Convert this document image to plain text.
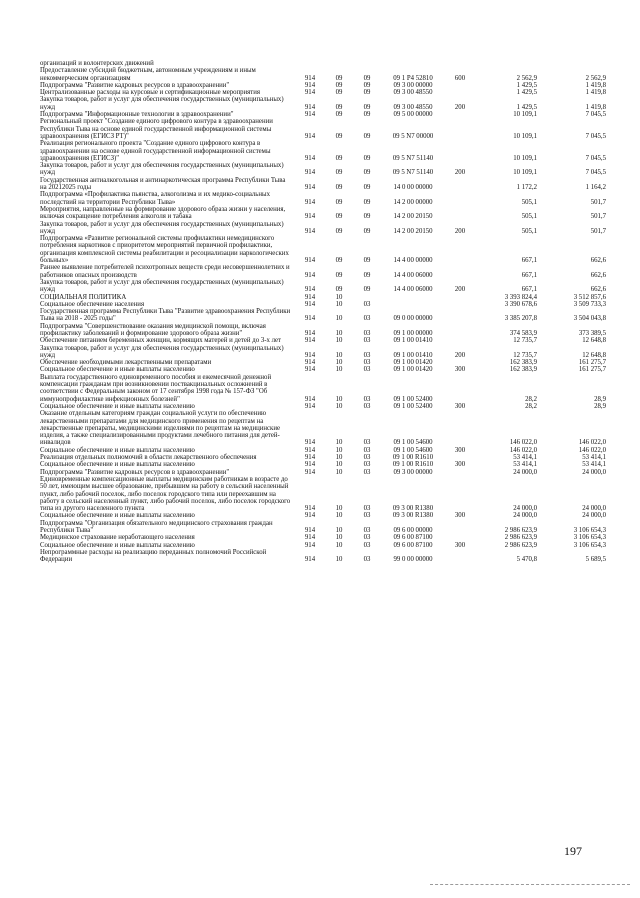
организаций и волонтерских движений							
Предоставление субсидий бюджетным, автономным учреждениям и иным некоммерческим организациям	914	09	09	09 1 Р4 52810	600	2 562,9	2 562,9
Подпрограмма "Развитие кадровых ресурсов в здравоохранении"	914	09	09	09 3 00 00000		1 429,5	1 419,8
Централизованные расходы на курсовые и сертификационные мероприятия	914	09	09	09 3 00 48550		1 429,5	1 419,8
Закупка товаров, работ и услуг для обеспечения государственных (муниципальных) нужд	914	09	09	09 3 00 48550	200	1 429,5	1 419,8
Подпрограмма "Информационные технологии в здравоохранении"	914	09	09	09 5 00 00000		10 109,1	7 045,5
Региональный проект "Создание единого цифрового контура в здравоохранении Республики Тыва на основе единой государственной информационной системы здравоохранения (ЕГИСЗ РТ)"	914	09	09	09 5 N7 00000		10 109,1	7 045,5
Реализация регионального проекта "Создание единого цифрового контура в здравоохранении на основе единой государственной информационной системы здравоохранения (ЕГИСЗ)"	914	09	09	09 5 N7 51140		10 109,1	7 045,5
Закупка товаров, работ и услуг для обеспечения государственных (муниципальных) нужд	914	09	09	09 5 N7 51140	200	10 109,1	7 045,5
Государственная антиалкогольная и антинаркотическая программа Республики Тыва на 20212025 годы	914	09	09	14 0 00 00000		1 172,2	1 164,2
Подпрограмма «Профилактика пьянства, алкоголизма и их медико-социальных последствий на территории Республики Тыва»	914	09	09	14 2 00 00000		505,1	501,7
Мероприятия, направленные на формирование здорового образа жизни у населения, включая сокращение потребления алкоголя и табака	914	09	09	14 2 00 20150		505,1	501,7
Закупка товаров, работ и услуг для обеспечения государственных (муниципальных) нужд	914	09	09	14 2 00 20150	200	505,1	501,7
Подпрограмма «Развитие региональной системы профилактики немедицинского потребления наркотиков с приоритетом мероприятий первичной профилактики, организация комплексной системы реабилитации и ресоциализации наркологических больных»	914	09	09	14 4 00 00000		667,1	662,6
Раннее выявление потребителей психотропных веществ среди несовершеннолетних и работников опасных производств	914	09	09	14 4 00 06000		667,1	662,6
Закупка товаров, работ и услуг для обеспечения государственных (муниципальных) нужд	914	09	09	14 4 00 06000	200	667,1	662,6
СОЦИАЛЬНАЯ ПОЛИТИКА	914	10				3 393 824,4	3 512 857,6
Социальное обеспечение населения	914	10	03			3 390 678,6	3 509 733,3
Государственная программа Республики Тыва "Развитие здравоохранения Республики Тыва на 2018 - 2025 годы"	914	10	03	09 0 00 00000		3 385 207,8	3 504 043,8
Подпрограмма "Совершенствование оказания медицинской помощи, включая профилактику заболеваний и формирование здорового образа жизни"	914	10	03	09 1 00 00000		374 583,9	373 389,5
Обеспечение питанием беременных женщин, кормящих матерей и детей до 3-х лет	914	10	03	09 1 00 01410		12 735,7	12 648,8
Закупка товаров, работ и услуг для обеспечения государственных (муниципальных) нужд	914	10	03	09 1 00 01410	200	12 735,7	12 648,8
Обеспечение необходимыми лекарственными препаратами	914	10	03	09 1 00 01420		162 383,9	161 275,7
Социальное обеспечение и иные выплаты населению	914	10	03	09 1 00 01420	300	162 383,9	161 275,7
Выплата государственного единовременного пособия и ежемесячной денежной компенсации гражданам при возникновении поствакцинальных осложнений в соответствии с Федеральным законом от 17 сентября 1998 года № 157-ФЗ "Об иммунопрофилактике инфекционных болезней"	914	10	03	09 1 00 52400		28,2	28,9
Социальное обеспечение и иные выплаты населению	914	10	03	09 1 00 52400	300	28,2	28,9
Оказание отдельным категориям граждан социальной услуги по обеспечению лекарственными препаратами для медицинского применения по рецептам на лекарственные препараты, медицинскими изделиями по рецептам на медицинские изделия, а также специализированными продуктами лечебного питания для детей-инвалидов	914	10	03	09 1 00 54600		146 022,0	146 022,0
Социальное обеспечение и иные выплаты населению	914	10	03	09 1 00 54600	300	146 022,0	146 022,0
Реализация отдельных полномочий в области лекарственного обеспечения	914	10	03	09 1 00 R1610		53 414,1	53 414,1
Социальное обеспечение и иные выплаты населению	914	10	03	09 1 00 R1610	300	53 414,1	53 414,1
Подпрограмма "Развитие кадровых ресурсов в здравоохранении"	914	10	03	09 3 00 00000		24 000,0	24 000,0
Единовременные компенсационные выплаты медицинским работникам в возрасте до 50 лет, имеющим высшее образование, прибывшим на работу в сельский населенный пункт, либо рабочий поселок, либо поселок городского типа или переехавшим на работу в сельский населенный пункт, либо рабочий поселок, либо поселок городского типа из другого населенного пункта	914	10	03	09 3 00 R1380		24 000,0	24 000,0
Социальное обеспечение и иные выплаты населению	914	10	03	09 3 00 R1380	300	24 000,0	24 000,0
Подпрограмма "Организация обязательного медицинского страхования граждан Республики Тыва"	914	10	03	09 6 00 00000		2 986 623,9	3 106 654,3
Медицинское страхование неработающего населения	914	10	03	09 6 00 87100		2 986 623,9	3 106 654,3
Социальное обеспечение и иные выплаты населению	914	10	03	09 6 00 87100	300	2 986 623,9	3 106 654,3
Непрограммные расходы на реализацию переданных полномочий Российской Федерации	914	10	03	99 0 00 00000		5 470,8	5 689,5
197
